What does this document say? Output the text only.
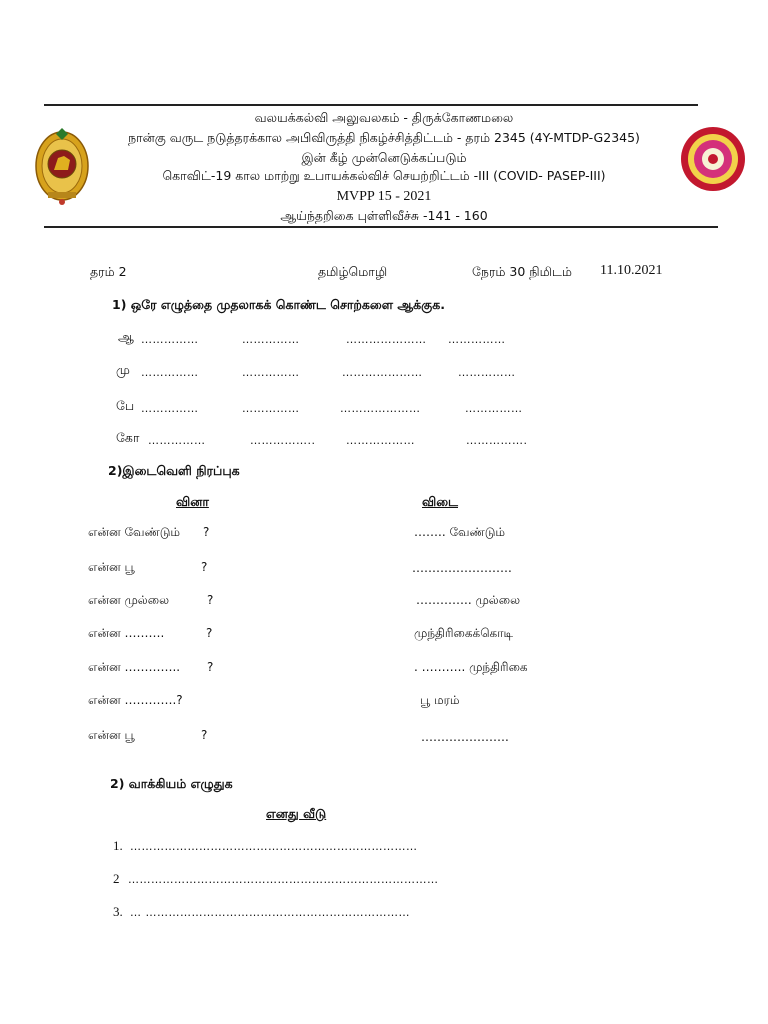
வலயக்கல்வி அலுவலகம் - திருக்கோணமலை
நான்கு வருட நடுத்தரக்கால அபிவிருத்தி நிகழ்ச்சித்திட்டம் - தரம் 2345 (4Y-MTDP-G2345)
இன் கீழ் முன்னெடுக்கப்படும்
கொவிட்-19 கால மாற்று உபாயக்கல்விச் செயற்றிட்டம் -III (COVID- PASEP-III)
MVPP 15 - 2021
ஆய்ந்தறிகை புள்ளிவீச்சு -141 - 160
தரம் 2	தமிழ்மொழி	நேரம் 30 நிமிடம் 11.10.2021
1) ஒரே எழுத்தை முதலாகக் கொண்ட சொற்களை ஆக்குக.
ஆ ……………	……………	………………… ……………
மு ……………	……………	…………………	……………
பே ……………	……………	…………………	……………
கோ ……………	……………..	………………	…………….
2)இடைவெளி நிரப்புக
வினா	விடை
என்ன வேண்டும் ?	…….. வேண்டும்
என்ன பூ	?	…………………….
என்ன முல்லை	?	………….. முல்லை
என்ன ……….	?	முந்திரிகைக்கொடி
என்ன ………….. ?	. ……….. முந்திரிகை
என்ன ………….?	பூ மரம்
என்ன பூ	?	………………….
2) வாக்கியம் எழுதுக
எனது வீடு
1. …………………………………………………………………
2 ………………………………………………………………………
3. … ……………………………………………………………
